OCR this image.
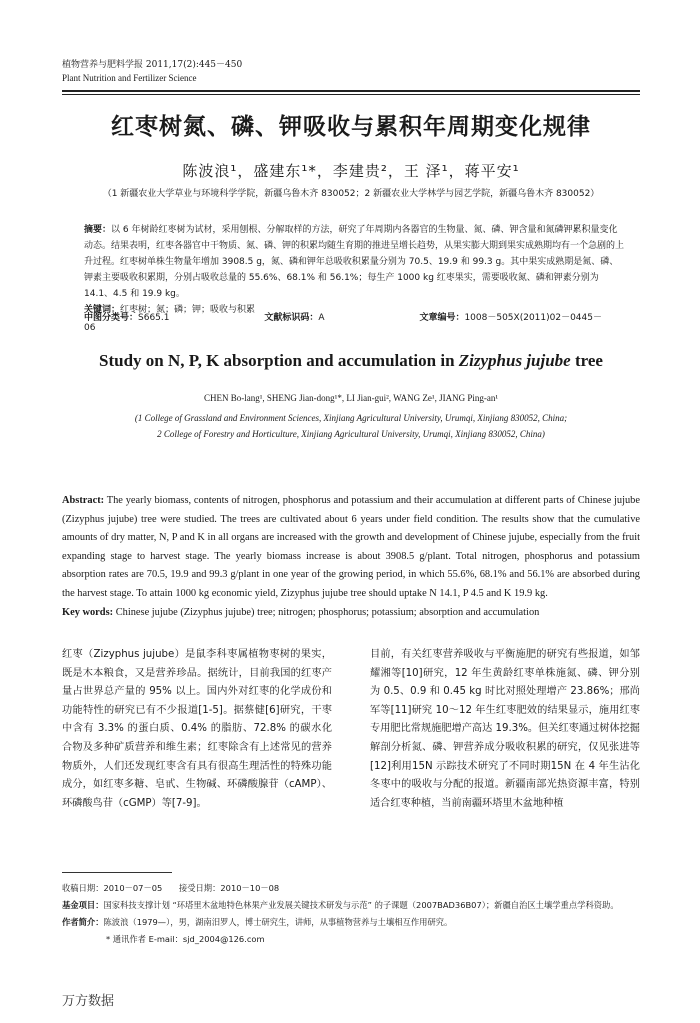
植物营养与肥料学报 2011,17(2):445－450
Plant Nutrition and Fertilizer Science
红枣树氮、磷、钾吸收与累积年周期变化规律
陈波浪¹，盛建东¹*，李建贵²，王 泽¹，蒋平安¹
（1 新疆农业大学草业与环境科学学院，新疆乌鲁木齐 830052；2 新疆农业大学林学与园艺学院，新疆乌鲁木齐 830052）
摘要：以 6 年树龄红枣树为试材，采用刨根、分解取样的方法，研究了年周期内各器官的生物量、氮、磷、钾含量和氮磷钾累积量变化动态。结果表明，红枣各器官中干物质、氮、磷、钾的积累均随生育期的推进呈增长趋势，从果实膨大期到果实成熟期均有一个急剧的上升过程。红枣树单株生物量年增加 3908.5 g，氮、磷和钾年总吸收积累量分别为 70.5、19.9 和 99.3 g。其中果实成熟期是氮、磷、钾素主要吸收积累期，分别占吸收总量的 55.6%、68.1% 和 56.1%；每生产 1000 kg 红枣果实，需要吸收氮、磷和钾素分别为 14.1、4.5 和 19.9 kg。
关键词：红枣树；氮；磷；钾；吸收与积累
中图分类号：S665.1	文献标识码：A	文章编号：1008－505X(2011)02－0445－06
Study on N, P, K absorption and accumulation in Zizyphus jujube tree
CHEN Bo-lang¹, SHENG Jian-dong¹*, LI Jian-gui², WANG Ze¹, JIANG Ping-an¹
(1 College of Grassland and Environment Sciences, Xinjiang Agricultural University, Urumqi, Xinjiang 830052, China;
2 College of Forestry and Horticulture, Xinjiang Agricultural University, Urumqi, Xinjiang 830052, China)
Abstract: The yearly biomass, contents of nitrogen, phosphorus and potassium and their accumulation at different parts of Chinese jujube (Zizyphus jujube) tree were studied. The trees are cultivated about 6 years under field condition. The results show that the cumulative amounts of dry matter, N, P and K in all organs are increased with the growth and development of Chinese jujube, especially from the fruit expanding stage to harvest stage. The yearly biomass increase is about 3908.5 g/plant. Total nitrogen, phosphorus and potassium absorption rates are 70.5, 19.9 and 99.3 g/plant in one year of the growing period, in which 55.6%, 68.1% and 56.1% are absorbed during the harvest stage. To attain 1000 kg economic yield, Zizyphus jujube tree should uptake N 14.1, P 4.5 and K 19.9 kg.
Key words: Chinese jujube (Zizyphus jujube) tree; nitrogen; phosphorus; potassium; absorption and accumulation
红枣（Zizyphus jujube）是鼠李科枣属植物枣树的果实，既是木本粮食，又是营养珍品。据统计，目前我国的红枣产量占世界总产量的 95% 以上。国内外对红枣的化学成份和功能特性的研究已有不少报道[1-5]。据蔡健[6]研究，干枣中含有 3.3% 的蛋白质、0.4% 的脂肪、72.8% 的碳水化合物及多种矿质营养和维生素；红枣除含有上述常见的营养物质外，人们还发现红枣含有具有很高生理活性的特殊功能成分，如红枣多糖、皂甙、生物碱、环磷酸腺苷（cAMP）、环磷酸鸟苷（cGMP）等[7-9]。
目前，有关红枣营养吸收与平衡施肥的研究有些报道，如邹耀湘等[10]研究，12 年生黄龄红枣单株施氮、磷、钾分别为 0.5、0.9 和 0.45 kg 时比对照处理增产 23.86%；邢尚军等[11]研究 10～12 年生红枣肥效的结果显示，施用红枣专用肥比常规施肥增产高达 19.3%。但关红枣通过树体挖掘解剖分析氮、磷、钾营养成分吸收积累的研究，仅见张进等[12]利用15N 示踪技术研究了不同时期15N 在 4 年生沾化冬枣中的吸收与分配的报道。新疆南部光热资源丰富，特别适合红枣种植，当前南疆环塔里木盆地种植
收稿日期：2010－07－05　　接受日期：2010－10－08
基金项目：国家科技支撑计划 “环塔里木盆地特色林果产业发展关键技术研发与示范” 的子课题（2007BAD36B07）；新疆自治区土壤学重点学科资助。
作者简介：陈波浪（1979—），男，湖南汨罗人，博士研究生，讲师，从事植物营养与土壤相互作用研究。
* 通讯作者 E-mail：sjd_2004@126.com
万方数据
